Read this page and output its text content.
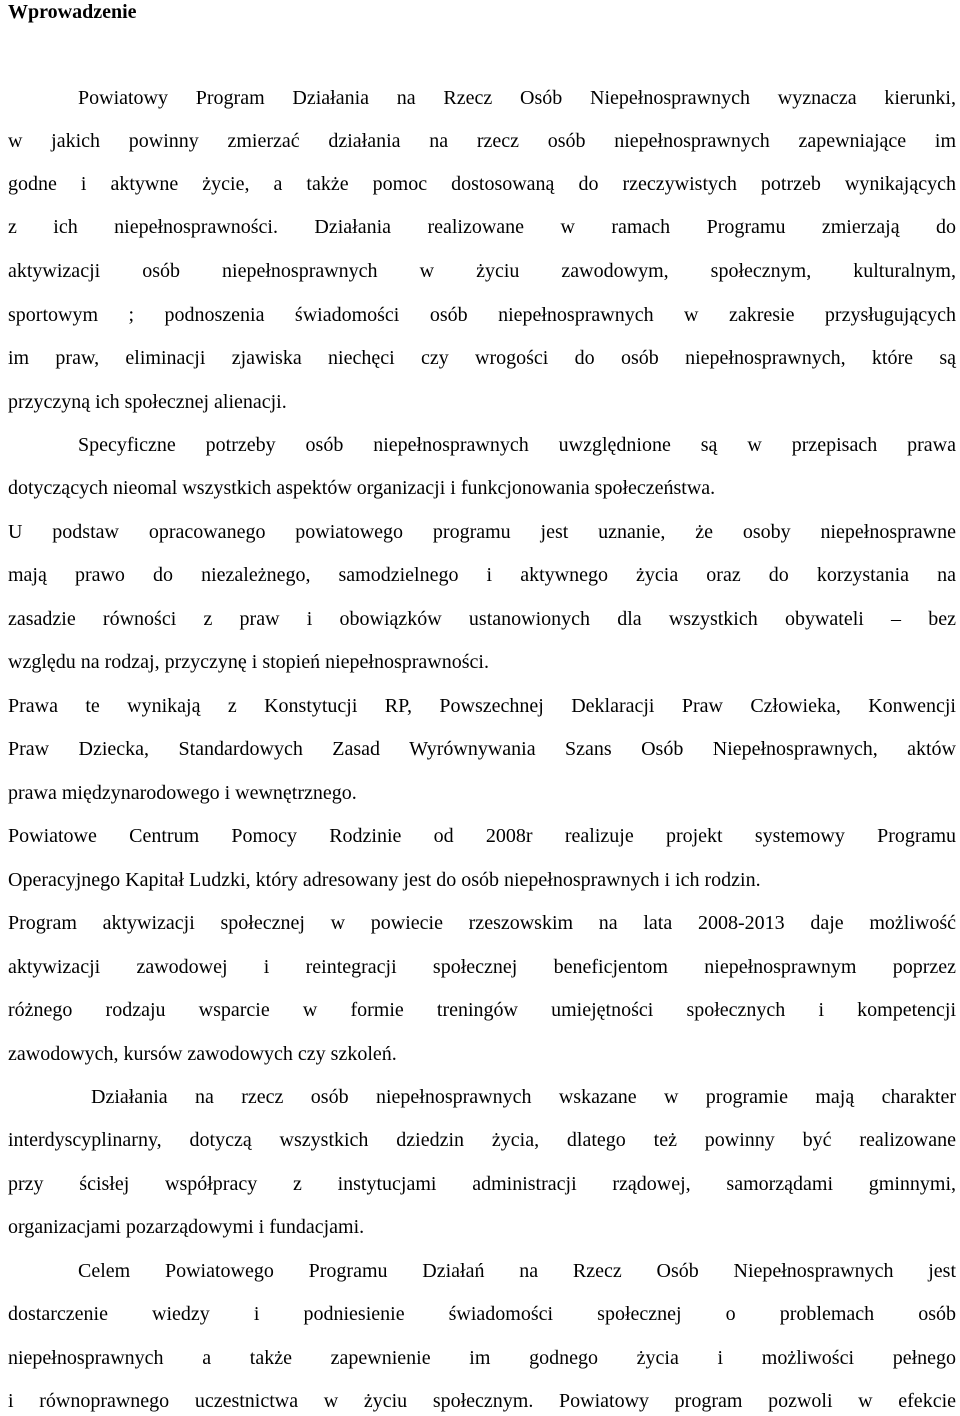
Wprowadzenie

Powiatowy Program Działania na Rzecz Osób Niepełnosprawnych wyznacza kierunki,

w jakich powinny zmierzać działania na rzecz osób niepełnosprawnych zapewniające im

godne i aktywne życie, a także pomoc dostosowaną do rzeczywistych potrzeb wynikających

z ich niepełnosprawności. Działania realizowane w ramach Programu zmierzają do

aktywizacji osób niepełnosprawnych w życiu zawodowym, społecznym, kulturalnym,

sportowym ; podnoszenia świadomości osób niepełnosprawnych w zakresie przysługujących

im praw, eliminacji zjawiska niechęci czy wrogości do osób niepełnosprawnych, które są

przyczyną ich społecznej alienacji.

Specyficzne potrzeby osób niepełnosprawnych uwzględnione są w przepisach prawa

dotyczących nieomal wszystkich aspektów organizacji i funkcjonowania społeczeństwa.

U podstaw opracowanego powiatowego programu jest uznanie, że osoby niepełnosprawne

mają prawo do niezależnego, samodzielnego i aktywnego życia oraz do korzystania na

zasadzie równości z praw i obowiązków ustanowionych dla wszystkich obywateli – bez

względu na rodzaj, przyczynę i stopień niepełnosprawności.

Prawa te wynikają z Konstytucji RP, Powszechnej Deklaracji Praw Człowieka, Konwencji

Praw Dziecka, Standardowych Zasad Wyrównywania Szans Osób Niepełnosprawnych, aktów

prawa międzynarodowego i wewnętrznego.

Powiatowe Centrum Pomocy Rodzinie od 2008r realizuje projekt systemowy Programu

Operacyjnego Kapitał Ludzki, który adresowany jest do osób niepełnosprawnych i ich rodzin.

Program aktywizacji społecznej w powiecie rzeszowskim na lata 2008-2013 daje możliwość

aktywizacji zawodowej i reintegracji społecznej beneficjentom niepełnosprawnym poprzez

różnego rodzaju wsparcie w formie treningów umiejętności społecznych i kompetencji

zawodowych, kursów zawodowych czy szkoleń.

Działania na rzecz osób niepełnosprawnych wskazane w programie mają charakter

interdyscyplinarny, dotyczą wszystkich dziedzin życia, dlatego też powinny być realizowane

przy ścisłej współpracy z instytucjami administracji rządowej, samorządami gminnymi,

organizacjami pozarządowymi i fundacjami.

Celem Powiatowego Programu Działań na Rzecz Osób Niepełnosprawnych jest

dostarczenie wiedzy i podniesienie świadomości społecznej o problemach osób

niepełnosprawnych a także zapewnienie im godnego życia i możliwości pełnego

i równoprawnego uczestnictwa w życiu społecznym. Powiatowy program pozwoli w efekcie
